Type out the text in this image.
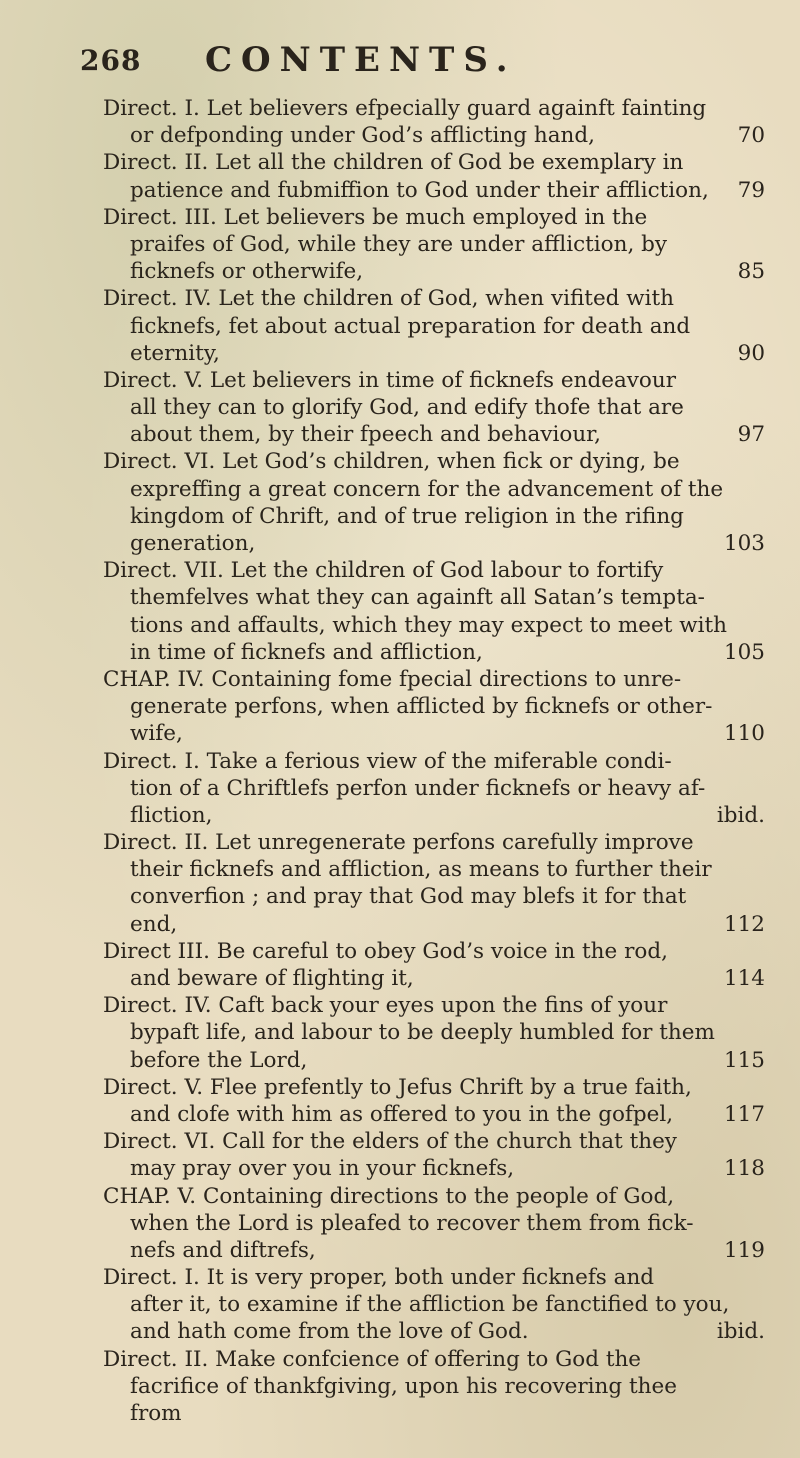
268 CONTENTS.
Direct. I. Let believers efpecially guard againft fainting
or defponding under God’s afflicting hand,	70
Direct. II. Let all the children of God be exemplary in
patience and fubmiffion to God under their affliction, 79
Direct. III. Let believers be much employed in the
praifes of God, while they are under affliction, by
ficknefs or otherwife,	85
Direct. IV. Let the children of God, when vifited with
ficknefs, fet about actual preparation for death and
eternity,	90
Direct. V. Let believers in time of ficknefs endeavour
all they can to glorify God, and edify thofe that are
about them, by their fpeech and behaviour,	97
Direct. VI. Let God’s children, when fick or dying, be
expreffing a great concern for the advancement of the
kingdom of Chrift, and of true religion in the rifing
generation,	103
Direct. VII. Let the children of God labour to fortify
themfelves what they can againft all Satan’s tempta-
tions and affaults, which they may expect to meet with
in time of ficknefs and affliction,	105
CHAP. IV. Containing fome fpecial directions to unre-
generate perfons, when afflicted by ficknefs or other-
wife,	110
Direct. I. Take a ferious view of the miferable condi-
tion of a Chriftlefs perfon under ficknefs or heavy af-
fliction,	ibid.
Direct. II. Let unregenerate perfons carefully improve
their ficknefs and affliction, as means to further their
converfion ; and pray that God may blefs it for that
end,	112
Direct III. Be careful to obey God’s voice in the rod,
and beware of flighting it,	114
Direct. IV. Caft back your eyes upon the fins of your
bypaft life, and labour to be deeply humbled for them
before the Lord,	115
Direct. V. Flee prefently to Jefus Chrift by a true faith,
and clofe with him as offered to you in the gofpel, 117
Direct. VI. Call for the elders of the church that they
may pray over you in your ficknefs,	118
CHAP. V. Containing directions to the people of God,
when the Lord is pleafed to recover them from fick-
nefs and diftrefs,	119
Direct. I. It is very proper, both under ficknefs and
after it, to examine if the affliction be fanctified to you,
and hath come from the love of God.	ibid.
Direct. II. Make confcience of offering to God the
facrifice of thankfgiving, upon his recovering thee
from
